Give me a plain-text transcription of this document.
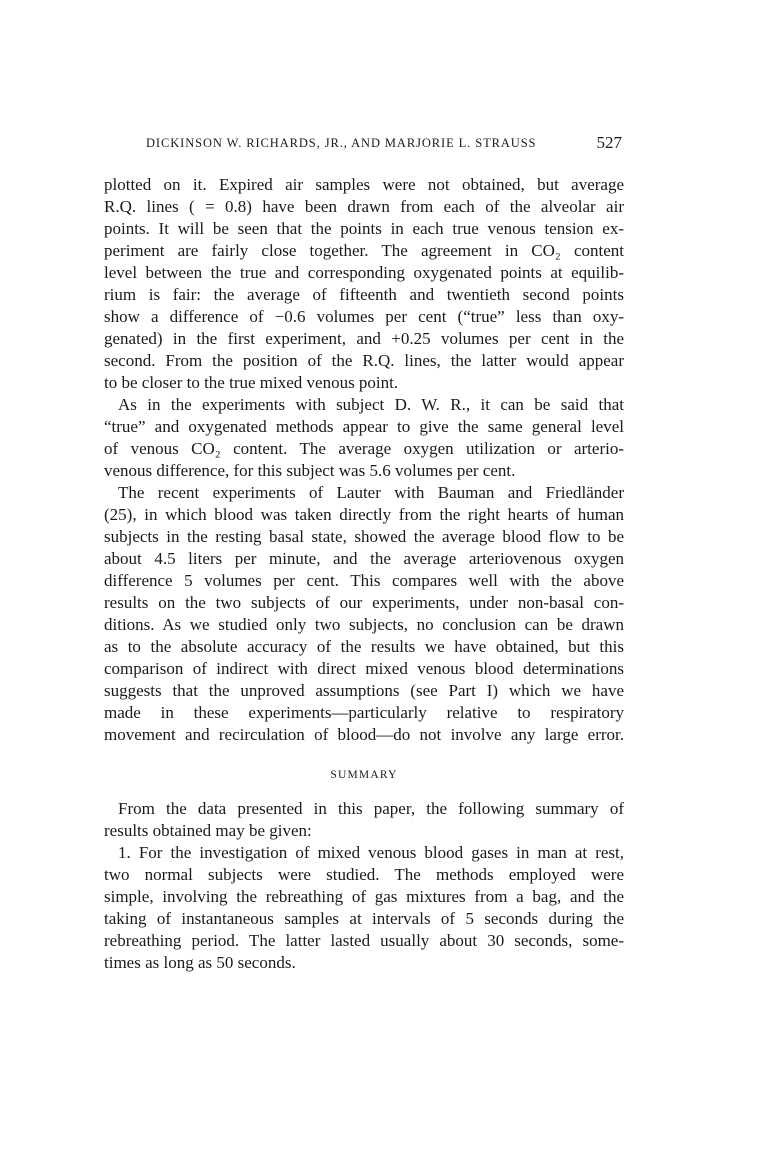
DICKINSON W. RICHARDS, JR., AND MARJORIE L. STRAUSS	527
plotted on it. Expired air samples were not obtained, but average
R.Q. lines ( = 0.8) have been drawn from each of the alveolar air
points. It will be seen that the points in each true venous tension ex-
periment are fairly close together. The agreement in CO₂ content
level between the true and corresponding oxygenated points at equilib-
rium is fair: the average of fifteenth and twentieth second points
show a difference of −0.6 volumes per cent (“true” less than oxy-
genated) in the first experiment, and +0.25 volumes per cent in the
second. From the position of the R.Q. lines, the latter would appear
to be closer to the true mixed venous point.
As in the experiments with subject D. W. R., it can be said that
“true” and oxygenated methods appear to give the same general level
of venous CO₂ content. The average oxygen utilization or arterio-
venous difference, for this subject was 5.6 volumes per cent.
The recent experiments of Lauter with Bauman and Friedländer
(25), in which blood was taken directly from the right hearts of human
subjects in the resting basal state, showed the average blood flow to be
about 4.5 liters per minute, and the average arteriovenous oxygen
difference 5 volumes per cent. This compares well with the above
results on the two subjects of our experiments, under non-basal con-
ditions. As we studied only two subjects, no conclusion can be drawn
as to the absolute accuracy of the results we have obtained, but this
comparison of indirect with direct mixed venous blood determinations
suggests that the unproved assumptions (see Part I) which we have
made in these experiments—particularly relative to respiratory
movement and recirculation of blood—do not involve any large error.
SUMMARY
From the data presented in this paper, the following summary of
results obtained may be given:
1. For the investigation of mixed venous blood gases in man at rest,
two normal subjects were studied. The methods employed were
simple, involving the rebreathing of gas mixtures from a bag, and the
taking of instantaneous samples at intervals of 5 seconds during the
rebreathing period. The latter lasted usually about 30 seconds, some-
times as long as 50 seconds.
